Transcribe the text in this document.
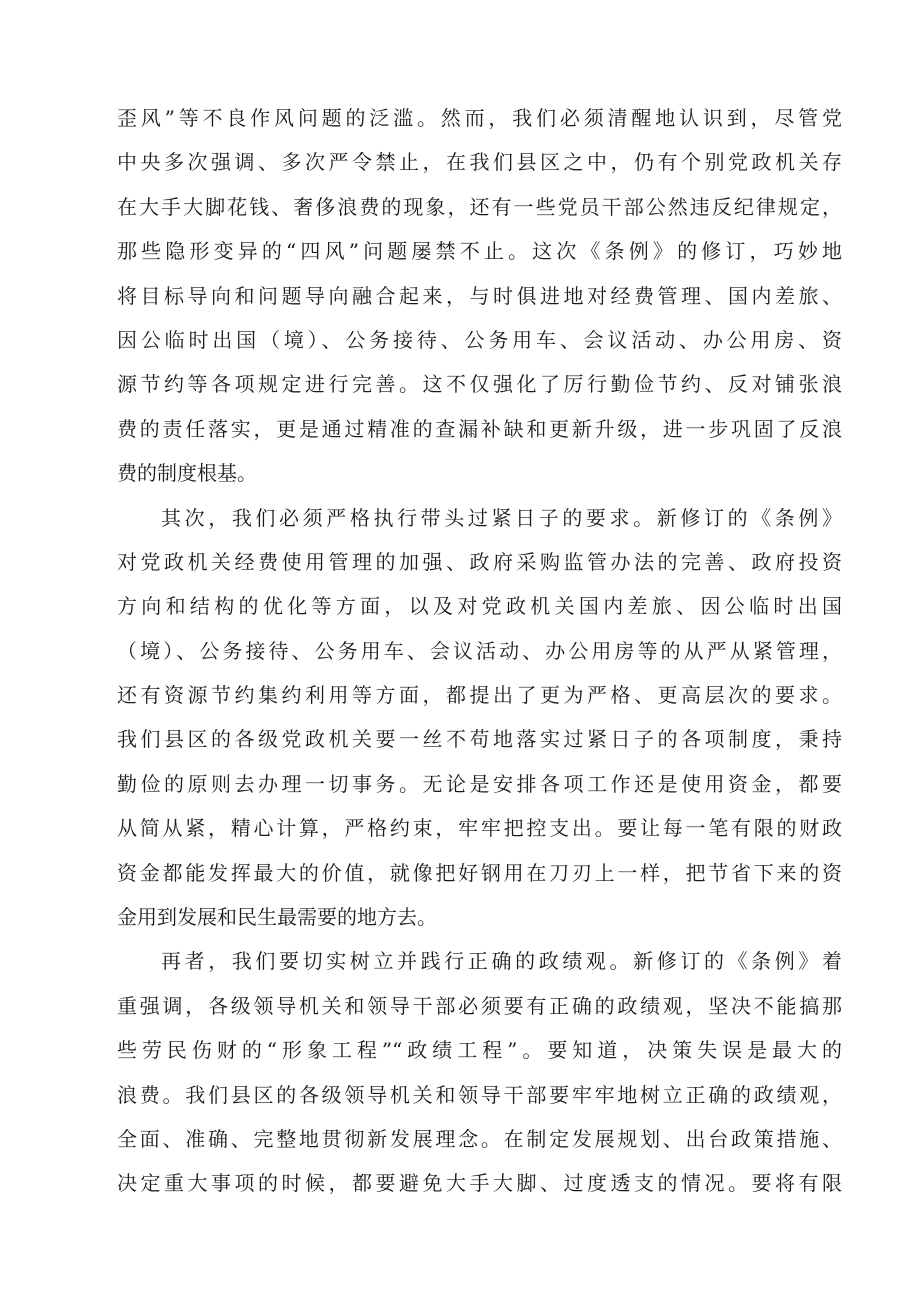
歪风”等不良作风问题的泛滥。然而，我们必须清醒地认识到，尽管党
中央多次强调、多次严令禁止，在我们县区之中，仍有个别党政机关存
在大手大脚花钱、奢侈浪费的现象，还有一些党员干部公然违反纪律规定，
那些隐形变异的“四风”问题屡禁不止。这次《条例》的修订，巧妙地
将目标导向和问题导向融合起来，与时俱进地对经费管理、国内差旅、
因公临时出国（境）、公务接待、公务用车、会议活动、办公用房、资
源节约等各项规定进行完善。这不仅强化了厉行勤俭节约、反对铺张浪
费的责任落实，更是通过精准的查漏补缺和更新升级，进一步巩固了反浪
费的制度根基。
其次，我们必须严格执行带头过紧日子的要求。新修订的《条例》
对党政机关经费使用管理的加强、政府采购监管办法的完善、政府投资
方向和结构的优化等方面，以及对党政机关国内差旅、因公临时出国
（境）、公务接待、公务用车、会议活动、办公用房等的从严从紧管理，
还有资源节约集约利用等方面，都提出了更为严格、更高层次的要求。
我们县区的各级党政机关要一丝不苟地落实过紧日子的各项制度，秉持
勤俭的原则去办理一切事务。无论是安排各项工作还是使用资金，都要
从简从紧，精心计算，严格约束，牢牢把控支出。要让每一笔有限的财政
资金都能发挥最大的价值，就像把好钢用在刀刃上一样，把节省下来的资
金用到发展和民生最需要的地方去。
再者，我们要切实树立并践行正确的政绩观。新修订的《条例》着
重强调，各级领导机关和领导干部必须要有正确的政绩观，坚决不能搞那
些劳民伤财的“形象工程”“政绩工程”。要知道，决策失误是最大的
浪费。我们县区的各级领导机关和领导干部要牢牢地树立正确的政绩观，
全面、准确、完整地贯彻新发展理念。在制定发展规划、出台政策措施、
决定重大事项的时候，都要避免大手大脚、过度透支的情况。要将有限
